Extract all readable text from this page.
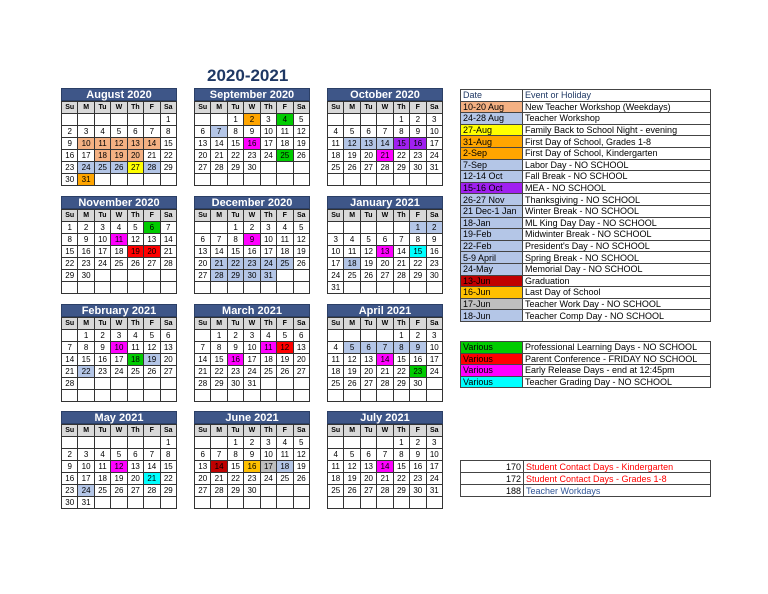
2020-2021
August 2020
Su	M	Tu	W	Th	F	Sa
						1
2	3	4	5	6	7	8
9	10	11	12	13	14	15
16	17	18	19	20	21	22
23	24	25	26	27	28	29
30	31					
September 2020
Su	M	Tu	W	Th	F	Sa
		1	2	3	4	5
6	7	8	9	10	11	12
13	14	15	16	17	18	19
20	21	22	23	24	25	26
27	28	29	30			

October 2020
Su	M	Tu	W	Th	F	Sa
				1	2	3
4	5	6	7	8	9	10
11	12	13	14	15	16	17
18	19	20	21	22	23	24
25	26	27	28	29	30	31

November 2020
Su	M	Tu	W	Th	F	Sa
1	2	3	4	5	6	7
8	9	10	11	12	13	14
15	16	17	18	19	20	21
22	23	24	25	26	27	28
29	30					

December 2020
Su	M	Tu	W	Th	F	Sa
		1	2	3	4	5
6	7	8	9	10	11	12
13	14	15	16	17	18	19
20	21	22	23	24	25	26
27	28	29	30	31		

January 2021
Su	M	Tu	W	Th	F	Sa
					1	2
3	4	5	6	7	8	9
10	11	12	13	14	15	16
17	18	19	20	21	22	23
24	25	26	27	28	29	30
31						
February 2021
Su	M	Tu	W	Th	F	Sa
	1	2	3	4	5	6
7	8	9	10	11	12	13
14	15	16	17	18	19	20
21	22	23	24	25	26	27
28						

March 2021
Su	M	Tu	W	Th	F	Sa
	1	2	3	4	5	6
7	8	9	10	11	12	13
14	15	16	17	18	19	20
21	22	23	24	25	26	27
28	29	30	31			

April 2021
Su	M	Tu	W	Th	F	Sa
				1	2	3
4	5	6	7	8	9	10
11	12	13	14	15	16	17
18	19	20	21	22	23	24
25	26	27	28	29	30	

May 2021
Su	M	Tu	W	Th	F	Sa
						1
2	3	4	5	6	7	8
9	10	11	12	13	14	15
16	17	18	19	20	21	22
23	24	25	26	27	28	29
30	31					
June 2021
Su	M	Tu	W	Th	F	Sa
		1	2	3	4	5
6	7	8	9	10	11	12
13	14	15	16	17	18	19
20	21	22	23	24	25	26
27	28	29	30			

July 2021
Su	M	Tu	W	Th	F	Sa
				1	2	3
4	5	6	7	8	9	10
11	12	13	14	15	16	17
18	19	20	21	22	23	24
25	26	27	28	29	30	31

Date	Event or Holiday
10-20 Aug	New Teacher Workshop (Weekdays)
24-28 Aug	Teacher Workshop
27-Aug	Family Back to School Night - evening
31-Aug	First Day of School, Grades 1-8
2-Sep	First Day of School, Kindergarten
7-Sep	Labor Day - NO SCHOOL
12-14 Oct	Fall Break - NO SCHOOL
15-16 Oct	MEA - NO SCHOOL
26-27 Nov	Thanksgiving - NO SCHOOL
21 Dec-1 Jan	Winter Break - NO SCHOOL
18-Jan	ML King Day Day - NO SCHOOL
19-Feb	Midwinter Break - NO SCHOOL
22-Feb	President's Day - NO SCHOOL
5-9 April	Spring Break - NO SCHOOL
24-May	Memorial Day - NO SCHOOL
13-Jun	Graduation
16-Jun	Last Day of School
17-Jun	Teacher Work Day - NO SCHOOL
18-Jun	Teacher Comp Day - NO SCHOOL
Various	Professional Learning Days - NO SCHOOL
Various	Parent Conference - FRIDAY NO SCHOOL
Various	Early Release Days - end at 12:45pm
Various	Teacher Grading Day - NO SCHOOL
170	Student Contact Days - Kindergarten
172	Student Contact Days - Grades 1-8
188	Teacher Workdays
